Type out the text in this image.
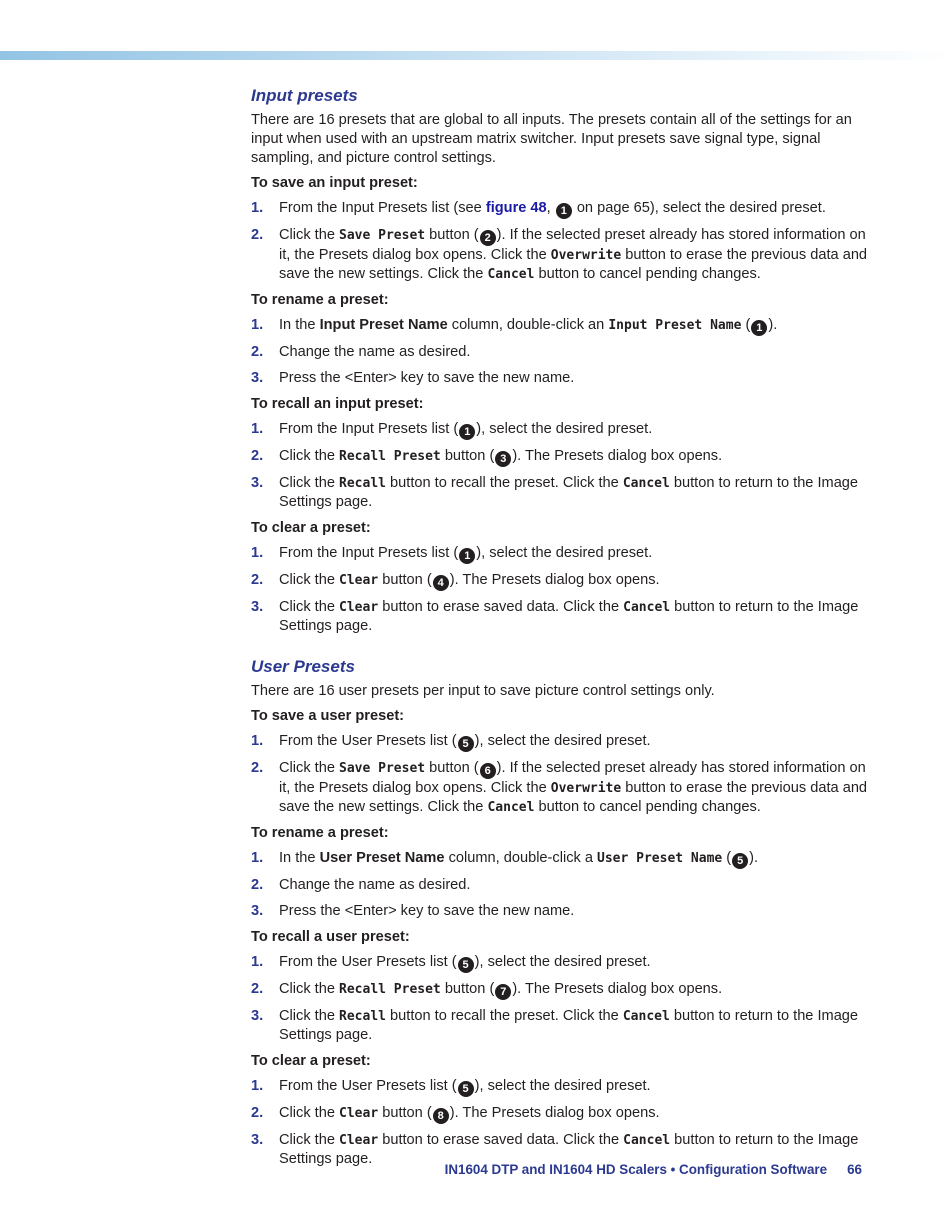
Input presets

There are 16 presets that are global to all inputs. The presets contain all of the settings for an input when used with an upstream matrix switcher. Input presets save signal type, signal sampling, and picture control settings.

To save an input preset:

1. From the Input Presets list (see figure 48, 1 on page 65), select the desired preset.
2. Click the Save Preset button ( 2 ). If the selected preset already has stored information on it, the Presets dialog box opens. Click the Overwrite button to erase the previous data and save the new settings. Click the Cancel button to cancel pending changes.

To rename a preset:

1. In the Input Preset Name column, double-click an Input Preset Name ( 1 ).
2. Change the name as desired.
3. Press the <Enter> key to save the new name.

To recall an input preset:

1. From the Input Presets list ( 1 ), select the desired preset.
2. Click the Recall Preset button ( 3 ). The Presets dialog box opens.
3. Click the Recall button to recall the preset. Click the Cancel button to return to the Image Settings page.

To clear a preset:

1. From the Input Presets list ( 1 ), select the desired preset.
2. Click the Clear button ( 4 ). The Presets dialog box opens.
3. Click the Clear button to erase saved data. Click the Cancel button to return to the Image Settings page.
User Presets

There are 16 user presets per input to save picture control settings only.

To save a user preset:

1. From the User Presets list ( 5 ), select the desired preset.
2. Click the Save Preset button ( 6 ). If the selected preset already has stored information on it, the Presets dialog box opens. Click the Overwrite button to erase the previous data and save the new settings. Click the Cancel button to cancel pending changes.

To rename a preset:

1. In the User Preset Name column, double-click a User Preset Name ( 5 ).
2. Change the name as desired.
3. Press the <Enter> key to save the new name.

To recall a user preset:

1. From the User Presets list ( 5 ), select the desired preset.
2. Click the Recall Preset button ( 7 ). The Presets dialog box opens.
3. Click the Recall button to recall the preset. Click the Cancel button to return to the Image Settings page.

To clear a preset:

1. From the User Presets list ( 5 ), select the desired preset.
2. Click the Clear button ( 8 ). The Presets dialog box opens.
3. Click the Clear button to erase saved data. Click the Cancel button to return to the Image Settings page.
IN1604 DTP and IN1604 HD Scalers • Configuration Software 66
